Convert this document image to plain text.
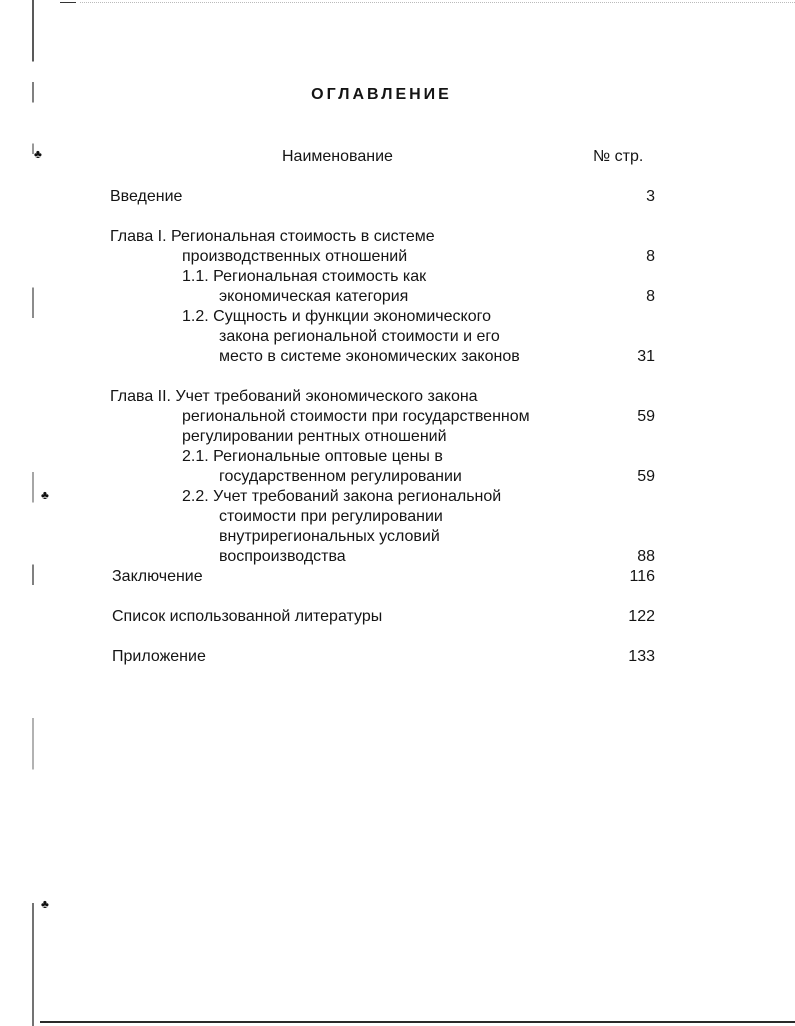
♣
♣
♣
ОГЛАВЛЕНИЕ
Наименование	№ стр.
Введение	3
Глава I. Региональная стоимость в системе
производственных отношений	8
1.1. Региональная стоимость как
экономическая категория	8
1.2. Сущность и функции экономического
закона региональной стоимости и его
место в системе экономических законов	31
Глава II. Учет требований экономического закона
региональной стоимости при государственном	59
регулировании рентных отношений
2.1. Региональные оптовые цены в
государственном регулировании	59
2.2. Учет требований закона региональной
стоимости при регулировании
внутрирегиональных условий
воспроизводства	88
Заключение	116
Список использованной литературы	122
Приложение	133
